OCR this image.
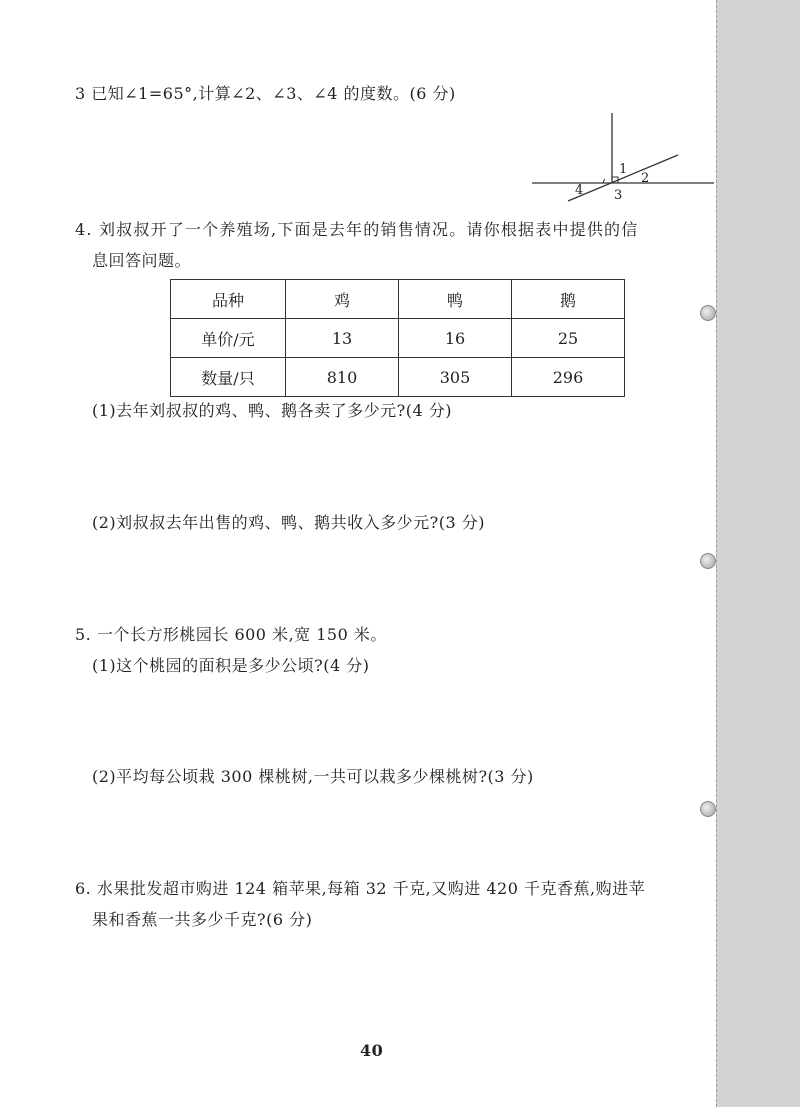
3 已知∠1=65°,计算∠2、∠3、∠4 的度数。(6 分)
1
2
3
4
4. 刘叔叔开了一个养殖场,下面是去年的销售情况。请你根据表中提供的信
息回答问题。
品种	鸡	鸭	鹅
单价/元	13	16	25
数量/只	810	305	296
(1)去年刘叔叔的鸡、鸭、鹅各卖了多少元?(4 分)
(2)刘叔叔去年出售的鸡、鸭、鹅共收入多少元?(3 分)
5. 一个长方形桃园长 600 米,宽 150 米。
(1)这个桃园的面积是多少公顷?(4 分)
(2)平均每公顷栽 300 棵桃树,一共可以栽多少棵桃树?(3 分)
6. 水果批发超市购进 124 箱苹果,每箱 32 千克,又购进 420 千克香蕉,购进苹
果和香蕉一共多少千克?(6 分)
40
